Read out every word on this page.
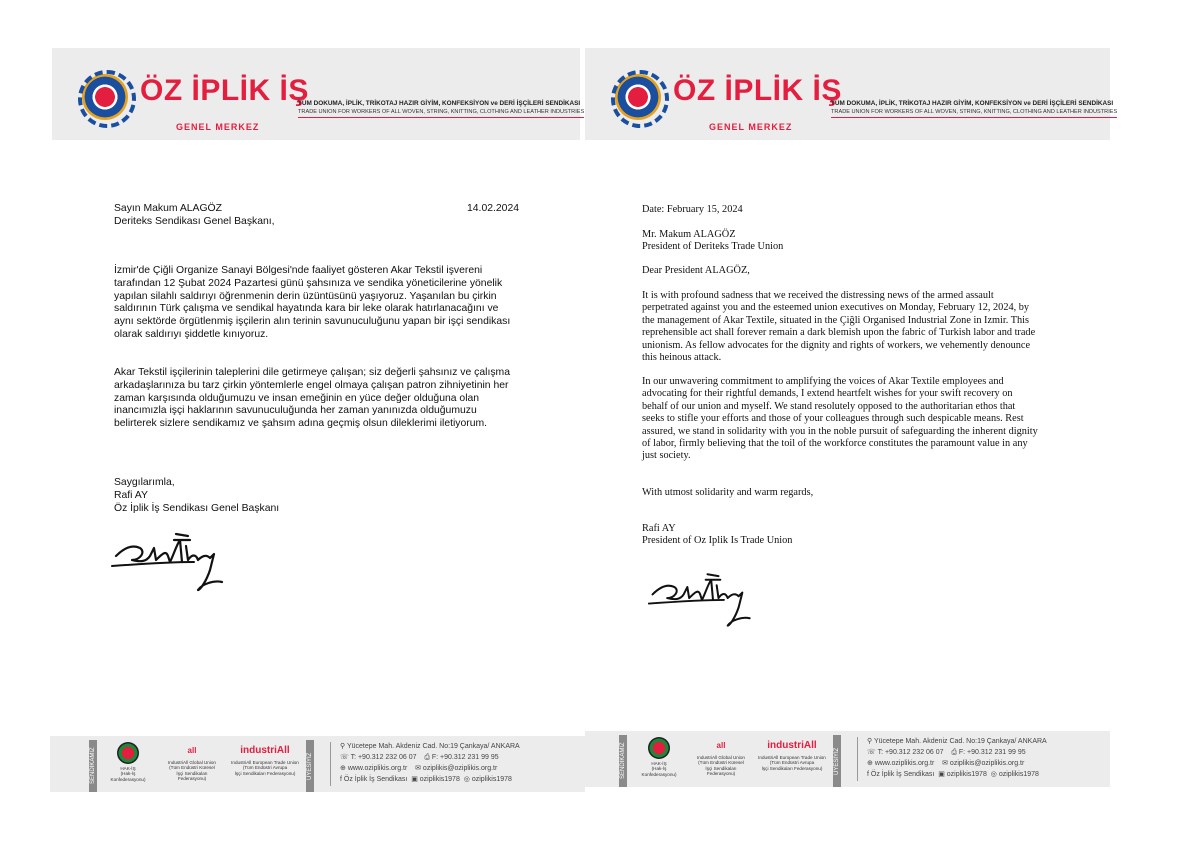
ÖZ İPLİK İŞ
GENEL MERKEZ
TÜM DOKUMA, İPLİK, TRİKOTAJ HAZIR GİYİM, KONFEKSİYON ve DERİ İŞÇİLERİ SENDİKASI
TRADE UNION FOR WORKERS OF ALL WOVEN, STRING, KNITTING, CLOTHING AND LEATHER INDUSTRIES
Sayın Makum ALAGÖZ
Deriteks Sendikası Genel Başkanı,
14.02.2024
İzmir'de Çiğli Organize Sanayi Bölgesi'nde faaliyet gösteren Akar Tekstil işvereni
tarafından 12 Şubat 2024 Pazartesi günü şahsınıza ve sendika yöneticilerine yönelik
yapılan silahlı saldırıyı öğrenmenin derin üzüntüsünü yaşıyoruz. Yaşanılan bu çirkin
saldırının Türk çalışma ve sendikal hayatında kara bir leke olarak hatırlanacağını ve
aynı sektörde örgütlenmiş işçilerin alın terinin savunuculuğunu yapan bir işçi sendikası
olarak saldırıyı şiddetle kınıyoruz.
Akar Tekstil işçilerinin taleplerini dile getirmeye çalışan; siz değerli şahsınız ve çalışma
arkadaşlarınıza bu tarz çirkin yöntemlerle engel olmaya çalışan patron zihniyetinin her
zaman karşısında olduğumuzu ve insan emeğinin en yüce değer olduğuna olan
inancımızla işçi haklarının savunuculuğunda her zaman yanınızda olduğumuzu
belirterek sizlere sendikamız ve şahsım adına geçmiş olsun dileklerimi iletiyorum.
Saygılarımla,
Rafi AY
Öz İplik İş Sendikası Genel Başkanı
SENDİKAMIZ	HAK-İŞ
(Hak-İş Konfederasyonu)
all
IndustriAll Global Union
(Tüm Endüstri Küresel
İşçi Sendikaları Federasyonu)
industriAll
IndustriAll European Trade Union
(Tüm Endüstri Avrupa
İşçi Sendikaları Federasyonu)	ÜYESİYİZ
⚲ Yücetepe Mah. Akdeniz Cad. No:19 Çankaya/ ANKARA
☏ T: +90.312 232 06 07 ⎙ F: +90.312 231 99 95
⊕ www.oziplikis.org.tr ✉ oziplikis@oziplikis.org.tr
f Öz İplik İş Sendikası ▣ oziplikis1978 ◎ oziplikis1978
ÖZ İPLİK İŞ
GENEL MERKEZ
TÜM DOKUMA, İPLİK, TRİKOTAJ HAZIR GİYİM, KONFEKSİYON ve DERİ İŞÇİLERİ SENDİKASI
TRADE UNION FOR WORKERS OF ALL WOVEN, STRING, KNITTING, CLOTHING AND LEATHER INDUSTRIES
Date: February 15, 2024
Mr. Makum ALAGÖZ
President of Deriteks Trade Union
Dear President ALAGÖZ,
It is with profound sadness that we received the distressing news of the armed assault
perpetrated against you and the esteemed union executives on Monday, February 12, 2024, by
the management of Akar Textile, situated in the Çiğli Organised Industrial Zone in Izmir. This
reprehensible act shall forever remain a dark blemish upon the fabric of Turkish labor and trade
unionism. As fellow advocates for the dignity and rights of workers, we vehemently denounce
this heinous attack.
In our unwavering commitment to amplifying the voices of Akar Textile employees and
advocating for their rightful demands, I extend heartfelt wishes for your swift recovery on
behalf of our union and myself. We stand resolutely opposed to the authoritarian ethos that
seeks to stifle your efforts and those of your colleagues through such despicable means. Rest
assured, we stand in solidarity with you in the noble pursuit of safeguarding the inherent dignity
of labor, firmly believing that the toil of the workforce constitutes the paramount value in any
just society.
With utmost solidarity and warm regards,
Rafi AY
President of Oz Iplik Is Trade Union
SENDİKAMIZ	HAK-İŞ
(Hak-İş Konfederasyonu)
all
IndustriAll Global Union
(Tüm Endüstri Küresel
İşçi Sendikaları Federasyonu)
industriAll
IndustriAll European Trade Union
(Tüm Endüstri Avrupa
İşçi Sendikaları Federasyonu)	ÜYESİYİZ
⚲ Yücetepe Mah. Akdeniz Cad. No:19 Çankaya/ ANKARA
☏ T: +90.312 232 06 07 ⎙ F: +90.312 231 99 95
⊕ www.oziplikis.org.tr ✉ oziplikis@oziplikis.org.tr
f Öz İplik İş Sendikası ▣ oziplikis1978 ◎ oziplikis1978
